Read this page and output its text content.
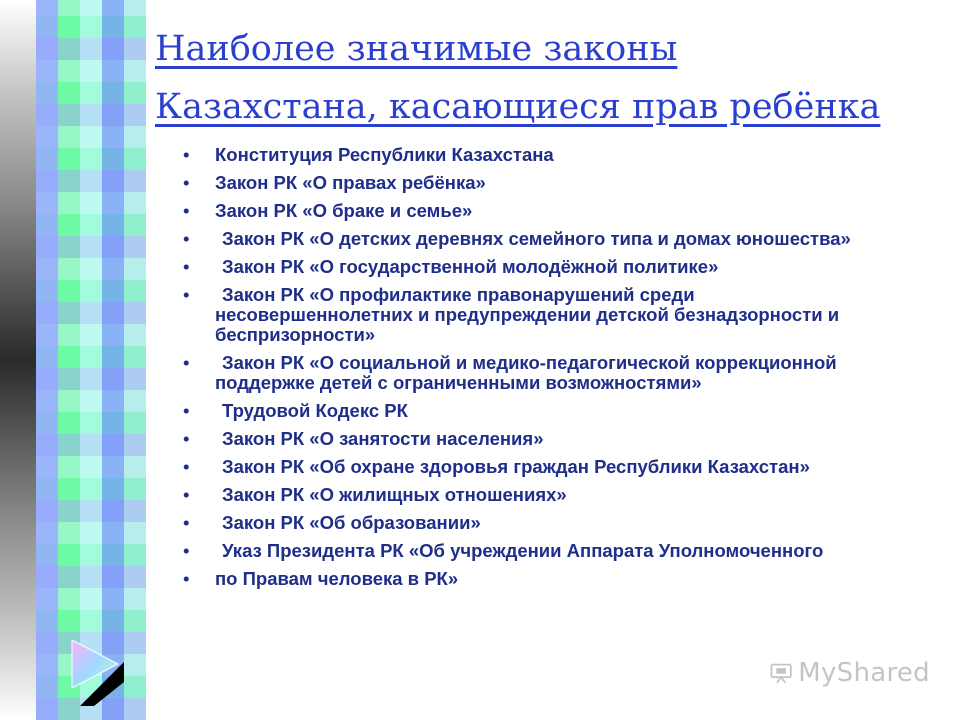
Наиболее значимые законы
Казахстана, касающиеся прав ребёнка
• Конституция Республики Казахстана
• Закон РК «О правах ребёнка»
• Закон РК «О браке и семье»
• Закон РК «О детских деревнях семейного типа и домах юношества»
• Закон РК «О государственной молодёжной политике»
• Закон РК «О профилактике правонарушений среди несовершеннолетних и предупреждении детской безнадзорности и беспризорности»
• Закон РК «О социальной и медико-педагогической коррекционной поддержке детей с ограниченными возможностями»
• Трудовой Кодекс РК
• Закон РК «О занятости населения»
• Закон РК «Об охране здоровья граждан Республики Казахстан»
• Закон РК «О жилищных отношениях»
• Закон РК «Об образовании»
• Указ Президента РК «Об учреждении Аппарата Уполномоченного
• по Правам человека в РК»
MyShared
